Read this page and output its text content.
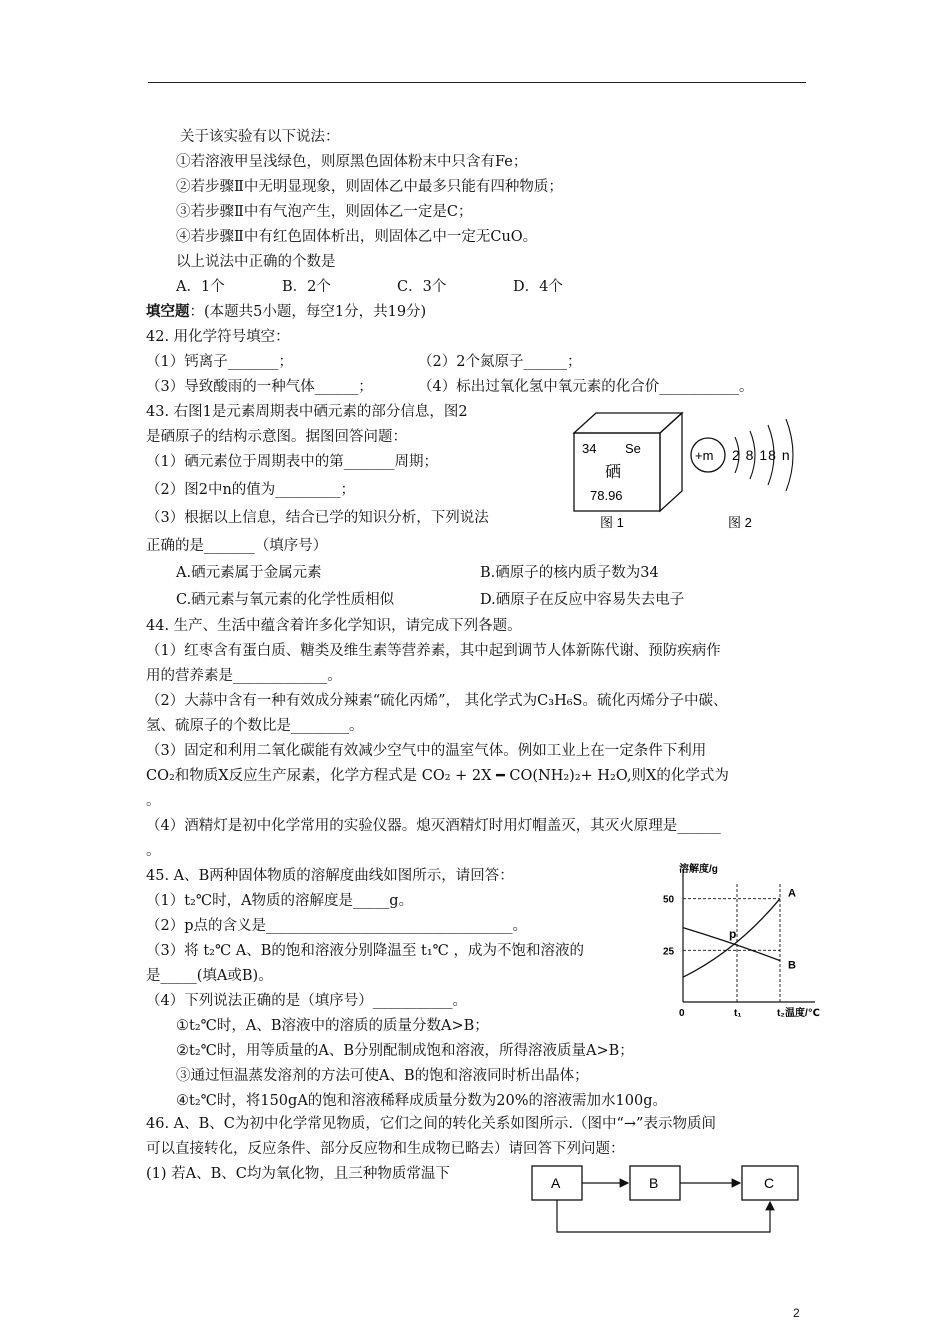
关于该实验有以下说法：
①若溶液甲呈浅绿色，则原黑色固体粉末中只含有Fe；
②若步骤Ⅱ中无明显现象，则固体乙中最多只能有四种物质；
③若步骤Ⅱ中有气泡产生，则固体乙一定是C；
④若步骤Ⅱ中有红色固体析出，则固体乙中一定无CuO。
以上说法中正确的个数是
A．1个	B．2个	C．3个	D．4个
填空题：(本题共5小题，每空1分，共19分)
42. 用化学符号填空：
（1）钙离子_______；	（2）2个氮原子______；
（3）导致酸雨的一种气体______；	（4）标出过氧化氢中氧元素的化合价___________。
43. 右图1是元素周期表中硒元素的部分信息，图2
是硒原子的结构示意图。据图回答问题：
（1）硒元素位于周期表中的第_______周期；
（2）图2中n的值为_________；
（3）根据以上信息，结合已学的知识分析，下列说法
正确的是_______（填序号）
A.硒元素属于金属元素	B.硒原子的核内质子数为34
C.硒元素与氧元素的化学性质相似	D.硒原子在反应中容易失去电子
34 Se
硒
78.96
图 1
+m 2 8 18 n
图 2
44. 生产、生活中蕴含着许多化学知识，请完成下列各题。
（1）红枣含有蛋白质、糖类及维生素等营养素，其中起到调节人体新陈代谢、预防疾病作
用的营养素是_____________。
（2）大蒜中含有一种有效成分辣素“硫化丙烯”， 其化学式为C₃H₆S。硫化丙烯分子中碳、
氢、硫原子的个数比是________。
（3）固定和利用二氧化碳能有效减少空气中的温室气体。例如工业上在一定条件下利用
CO₂和物质X反应生产尿素，化学方程式是 CO₂ + 2X ━ CO(NH₂)₂+ H₂O,则X的化学式为
。
（4）酒精灯是初中化学常用的实验仪器。熄灭酒精灯时用灯帽盖灭，其灭火原理是______
。
45. A、B两种固体物质的溶解度曲线如图所示，请回答：
（1）t₂℃时，A物质的溶解度是_____g。
（2）p点的含义是__________________________________。
（3）将 t₂℃ A、B的饱和溶液分别降温至 t₁℃ ，成为不饱和溶液的
是_____(填A或B)。
（4）下列说法正确的是（填序号）___________。
①t₂℃时，A、B溶液中的溶质的质量分数A>B；
②t₂℃时，用等质量的A、B分别配制成饱和溶液，所得溶液质量A>B；
③通过恒温蒸发溶剂的方法可使A、B的饱和溶液同时析出晶体；
④t₂℃时，将150gA的饱和溶液稀释成质量分数为20%的溶液需加水100g。
溶解度/g
温度/℃
25
50
0	t₁	t₂
A
B
p
46. A、B、C为初中化学常见物质，它们之间的转化关系如图所示.（图中“→”表示物质间
可以直接转化，反应条件、部分反应物和生成物已略去）请回答下列问题：
(1) 若A、B、C均为氧化物，且三种物质常温下
A	B	C
2
